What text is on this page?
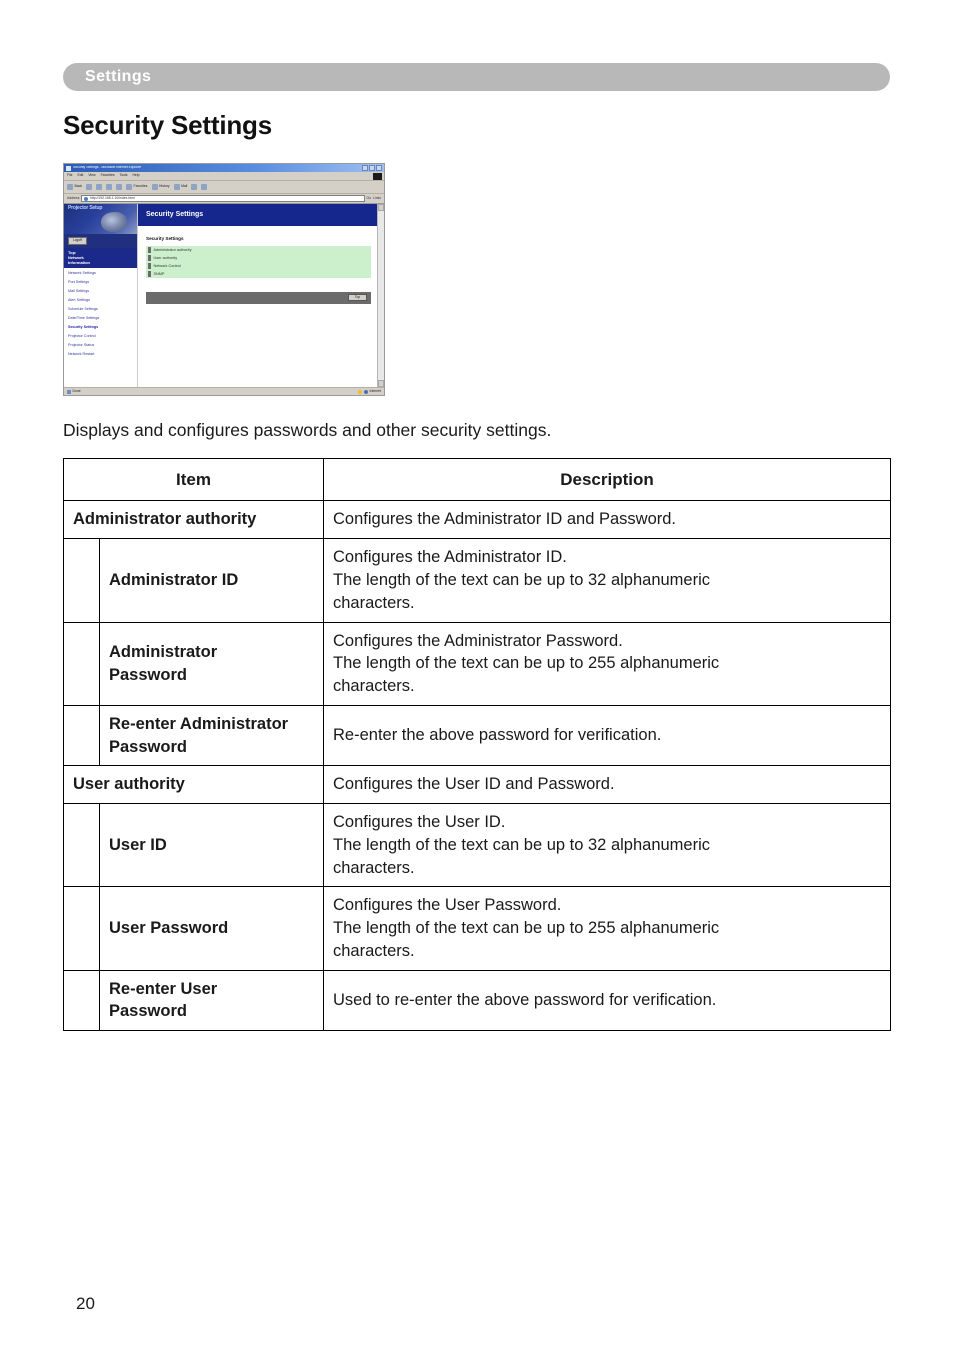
Settings
Security Settings
Security Settings - Microsoft Internet Explorer
File Edit View Favorites Tools Help
Back	Favorites	History	Mail
Address	http://192.168.1.10/index.html	Go Links
Projector Setup
Logoff
Top:
Network
Information
Network Settings
Port Settings
Mail Settings
Alert Settings
Schedule Settings
Date/Time Settings
Security Settings
Projector Control
Projector Status
Network Restart
Security Settings
Security Settings
Administrator authority
User authority
Network Control
SNMP
Top
Done	Internet

Displays and configures passwords and other security settings.

Item		Description
Administrator authority		Configures the Administrator ID and Password.

	Administrator ID	Configures the Administrator ID.
The length of the text can be up to 32 alphanumeric
characters.

	Administrator
Password	Configures the Administrator Password.
The length of the text can be up to 255 alphanumeric
characters.

	Re-enter Administrator
Password	Re-enter the above password for verification.

User authority		Configures the User ID and Password.

	User ID	Configures the User ID.
The length of the text can be up to 32 alphanumeric
characters.

	User Password	Configures the User Password.
The length of the text can be up to 255 alphanumeric
characters.

	Re-enter User
Password	Used to re-enter the above password for verification.
20
